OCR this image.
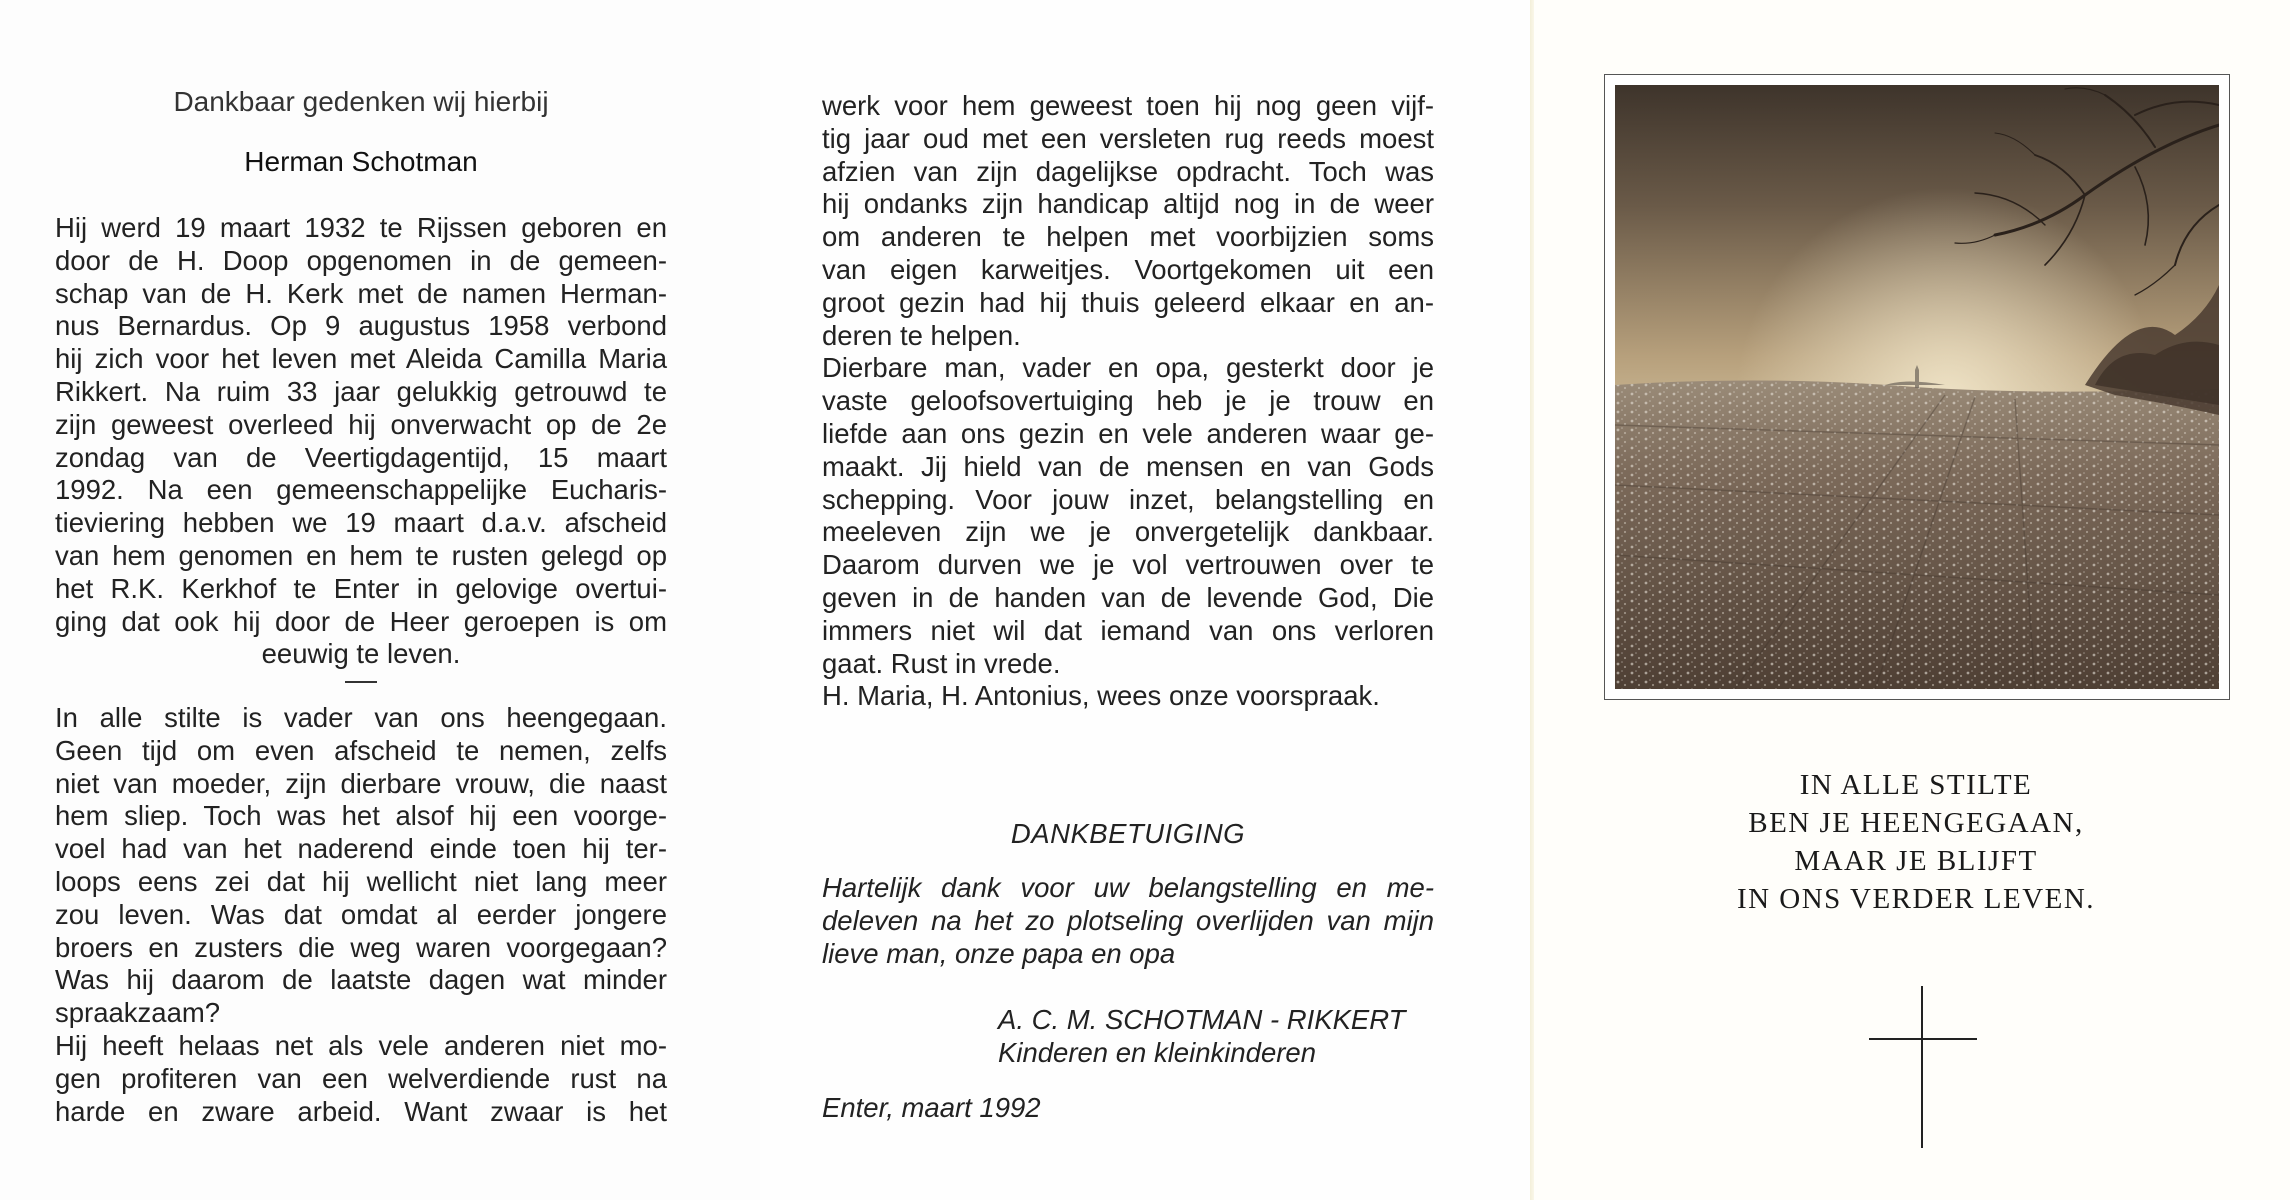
Dankbaar gedenken wij hierbij
Herman Schotman
Hij werd 19 maart 1932 te Rijssen geboren en
door de H. Doop opgenomen in de gemeen-
schap van de H. Kerk met de namen Herman-
nus Bernardus. Op 9 augustus 1958 verbond
hij zich voor het leven met Aleida Camilla Maria
Rikkert. Na ruim 33 jaar gelukkig getrouwd te
zijn geweest overleed hij onverwacht op de 2e
zondag van de Veertigdagentijd, 15 maart
1992. Na een gemeenschappelijke Eucharis-
tieviering hebben we 19 maart d.a.v. afscheid
van hem genomen en hem te rusten gelegd op
het R.K. Kerkhof te Enter in gelovige overtui-
ging dat ook hij door de Heer geroepen is om
eeuwig te leven.
In alle stilte is vader van ons heengegaan.
Geen tijd om even afscheid te nemen, zelfs
niet van moeder, zijn dierbare vrouw, die naast
hem sliep. Toch was het alsof hij een voorge-
voel had van het naderend einde toen hij ter-
loops eens zei dat hij wellicht niet lang meer
zou leven. Was dat omdat al eerder jongere
broers en zusters die weg waren voorgegaan?
Was hij daarom de laatste dagen wat minder
spraakzaam?
Hij heeft helaas net als vele anderen niet mo-
gen profiteren van een welverdiende rust na
harde en zware arbeid. Want zwaar is het
werk voor hem geweest toen hij nog geen vijf-
tig jaar oud met een versleten rug reeds moest
afzien van zijn dagelijkse opdracht. Toch was
hij ondanks zijn handicap altijd nog in de weer
om anderen te helpen met voorbijzien soms
van eigen karweitjes. Voortgekomen uit een
groot gezin had hij thuis geleerd elkaar en an-
deren te helpen.
Dierbare man, vader en opa, gesterkt door je
vaste geloofsovertuiging heb je je trouw en
liefde aan ons gezin en vele anderen waar ge-
maakt. Jij hield van de mensen en van Gods
schepping. Voor jouw inzet, belangstelling en
meeleven zijn we je onvergetelijk dankbaar.
Daarom durven we je vol vertrouwen over te
geven in de handen van de levende God, Die
immers niet wil dat iemand van ons verloren
gaat. Rust in vrede.
H. Maria, H. Antonius, wees onze voorspraak.
DANKBETUIGING
Hartelijk dank voor uw belangstelling en me-
deleven na het zo plotseling overlijden van mijn
lieve man, onze papa en opa
A. C. M. SCHOTMAN - RIKKERT
Kinderen en kleinkinderen
Enter, maart 1992
IN ALLE STILTE
BEN JE HEENGEGAAN,
MAAR JE BLIJFT
IN ONS VERDER LEVEN.
